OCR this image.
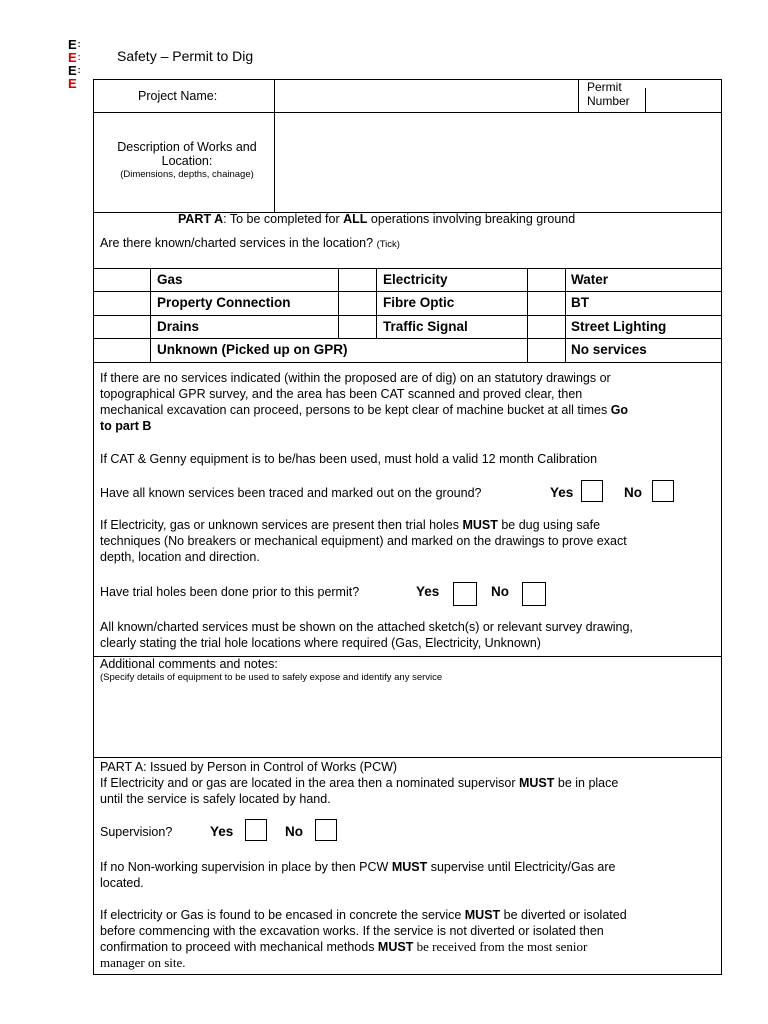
E:
E:
E:
E
Safety – Permit to Dig
Project Name:
Permit
Number
Description of Works and
Location:
(Dimensions, depths, chainage)
PART A: To be completed for ALL operations involving breaking ground
Are there known/charted services in the location? (Tick)
Gas	Electricity	Water
Property Connection	Fibre Optic	BT
Drains	Traffic Signal	Street Lighting
Unknown (Picked up on GPR)	No services
If there are no services indicated (within the proposed are of dig) on an statutory drawings or
topographical GPR survey, and the area has been CAT scanned and proved clear, then
mechanical excavation can proceed, persons to be kept clear of machine bucket at all times Go
to part B
If CAT & Genny equipment is to be/has been used, must hold a valid 12 month Calibration
Have all known services been traced and marked out on the ground?	Yes	No
If Electricity, gas or unknown services are present then trial holes MUST be dug using safe
techniques (No breakers or mechanical equipment) and marked on the drawings to prove exact
depth, location and direction.
Have trial holes been done prior to this permit?	Yes	No
All known/charted services must be shown on the attached sketch(s) or relevant survey drawing,
clearly stating the trial hole locations where required (Gas, Electricity, Unknown)
Additional comments and notes:
(Specify details of equipment to be used to safely expose and identify any service
PART A: Issued by Person in Control of Works (PCW)
If Electricity and or gas are located in the area then a nominated supervisor MUST be in place
until the service is safely located by hand.
Supervision?	Yes	No
If no Non-working supervision in place by then PCW MUST supervise until Electricity/Gas are
located.
If electricity or Gas is found to be encased in concrete the service MUST be diverted or isolated
before commencing with the excavation works. If the service is not diverted or isolated then
confirmation to proceed with mechanical methods MUST be received from the most senior
manager on site.
